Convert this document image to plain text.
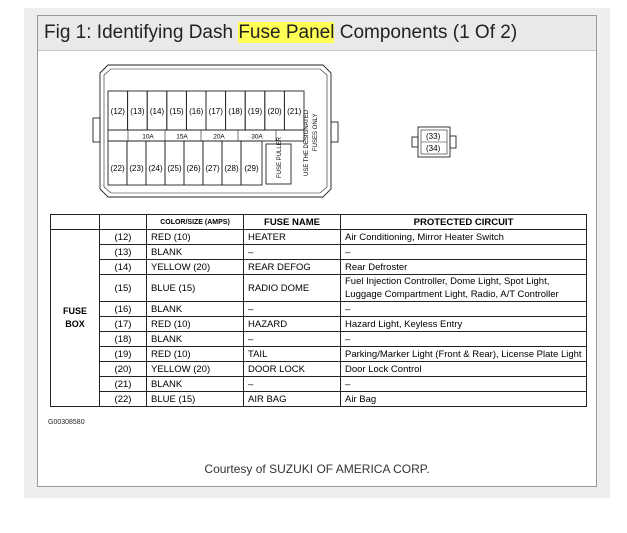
Fig 1: Identifying Dash Fuse Panel Components (1 Of 2)
(12) (13) (14) (15) (16) (17) (18) (19) (20) (21)
10A	15A	20A	30A
(22) (23) (24) (25) (26) (27) (28) (29)	FUSE PULLER	USE THE DESIGNATED FUSES ONLY	(33)
(34)
		COLOR/SIZE (AMPS)	FUSE NAME	PROTECTED CIRCUIT

FUSE
BOX	(12)	RED (10)	HEATER	Air Conditioning, Mirror Heater Switch
	(13)	BLANK	–	–
	(14)	YELLOW (20)	REAR DEFOG	Rear Defroster
	(15)	BLUE (15)	RADIO DOME	Fuel Injection Controller, Dome Light, Spot Light, Luggage Compartment Light, Radio, A/T Controller
	(16)	BLANK	–	–
	(17)	RED (10)	HAZARD	Hazard Light, Keyless Entry
	(18)	BLANK	–	–
	(19)	RED (10)	TAIL	Parking/Marker Light (Front & Rear), License Plate Light
	(20)	YELLOW (20)	DOOR LOCK	Door Lock Control
	(21)	BLANK	–	–
	(22)	BLUE (15)	AIR BAG	Air Bag
G00308580
Courtesy of SUZUKI OF AMERICA CORP.
